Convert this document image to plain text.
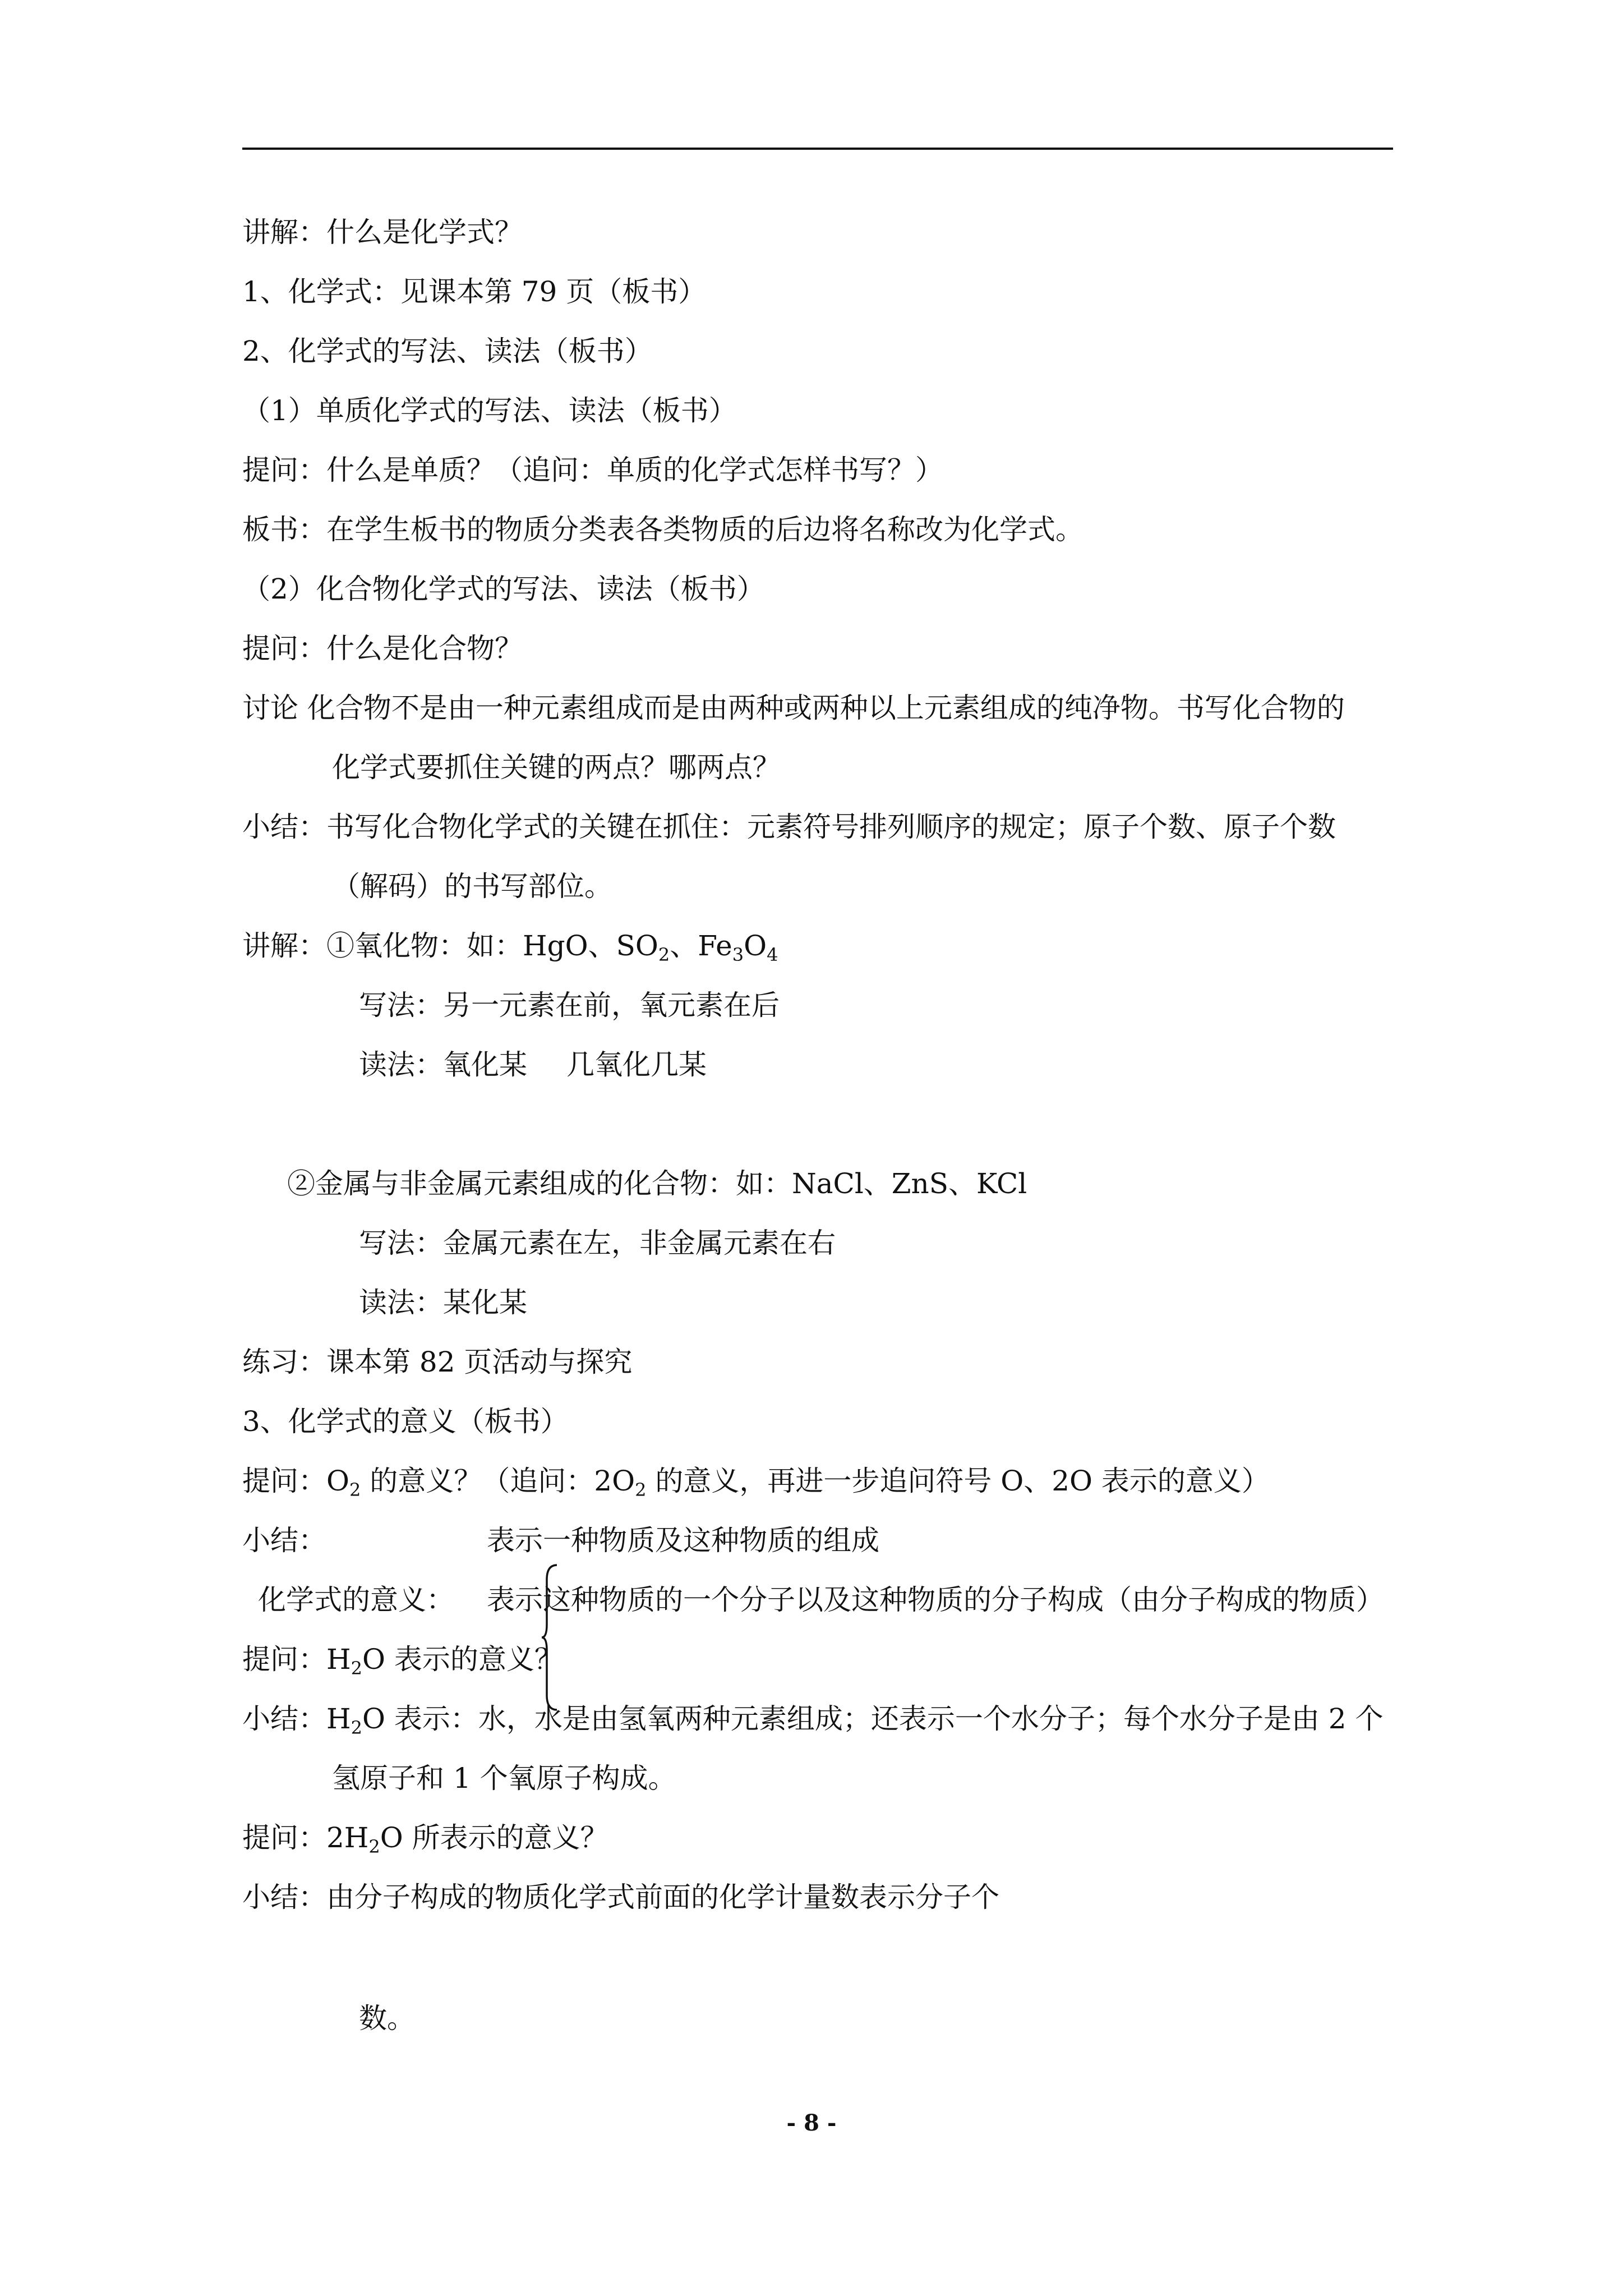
讲解：什么是化学式？
1、化学式：见课本第 79 页（板书）
2、化学式的写法、读法（板书）
（1）单质化学式的写法、读法（板书）
提问：什么是单质？（追问：单质的化学式怎样书写？）
板书：在学生板书的物质分类表各类物质的后边将名称改为化学式。
（2）化合物化学式的写法、读法（板书）
提问：什么是化合物？
讨论 化合物不是由一种元素组成而是由两种或两种以上元素组成的纯净物。书写化合物的
化学式要抓住关键的两点？哪两点？
小结：书写化合物化学式的关键在抓住：元素符号排列顺序的规定；原子个数、原子个数
（解码）的书写部位。
讲解：①氧化物：如：HgO、$SO_2$、$Fe_3O_4$
写法：另一元素在前，氧元素在后
读法：氧化某 几氧化几某
②金属与非金属元素组成的化合物：如：NaCl、ZnS、KCl
写法：金属元素在左，非金属元素在右
读法：某化某
练习：课本第 82 页活动与探究
3、化学式的意义（板书）
提问：$O_2$ 的意义？（追问：$2O_2$ 的意义，再进一步追问符号 O、2O 表示的意义）
小结：	表示一种物质及这种物质的组成
化学式的意义： 表示这种物质的一个分子以及这种物质的分子构成（由分子构成的物质）
提问：$H_2O$ 表示的意义？
小结：$H_2O$ 表示：水，水是由氢氧两种元素组成；还表示一个水分子；每个水分子是由 2 个
氢原子和 1 个氧原子构成。
提问：$2H_2O$ 所表示的意义？
小结：由分子构成的物质化学式前面的化学计量数表示分子个
数。
- 8 -
